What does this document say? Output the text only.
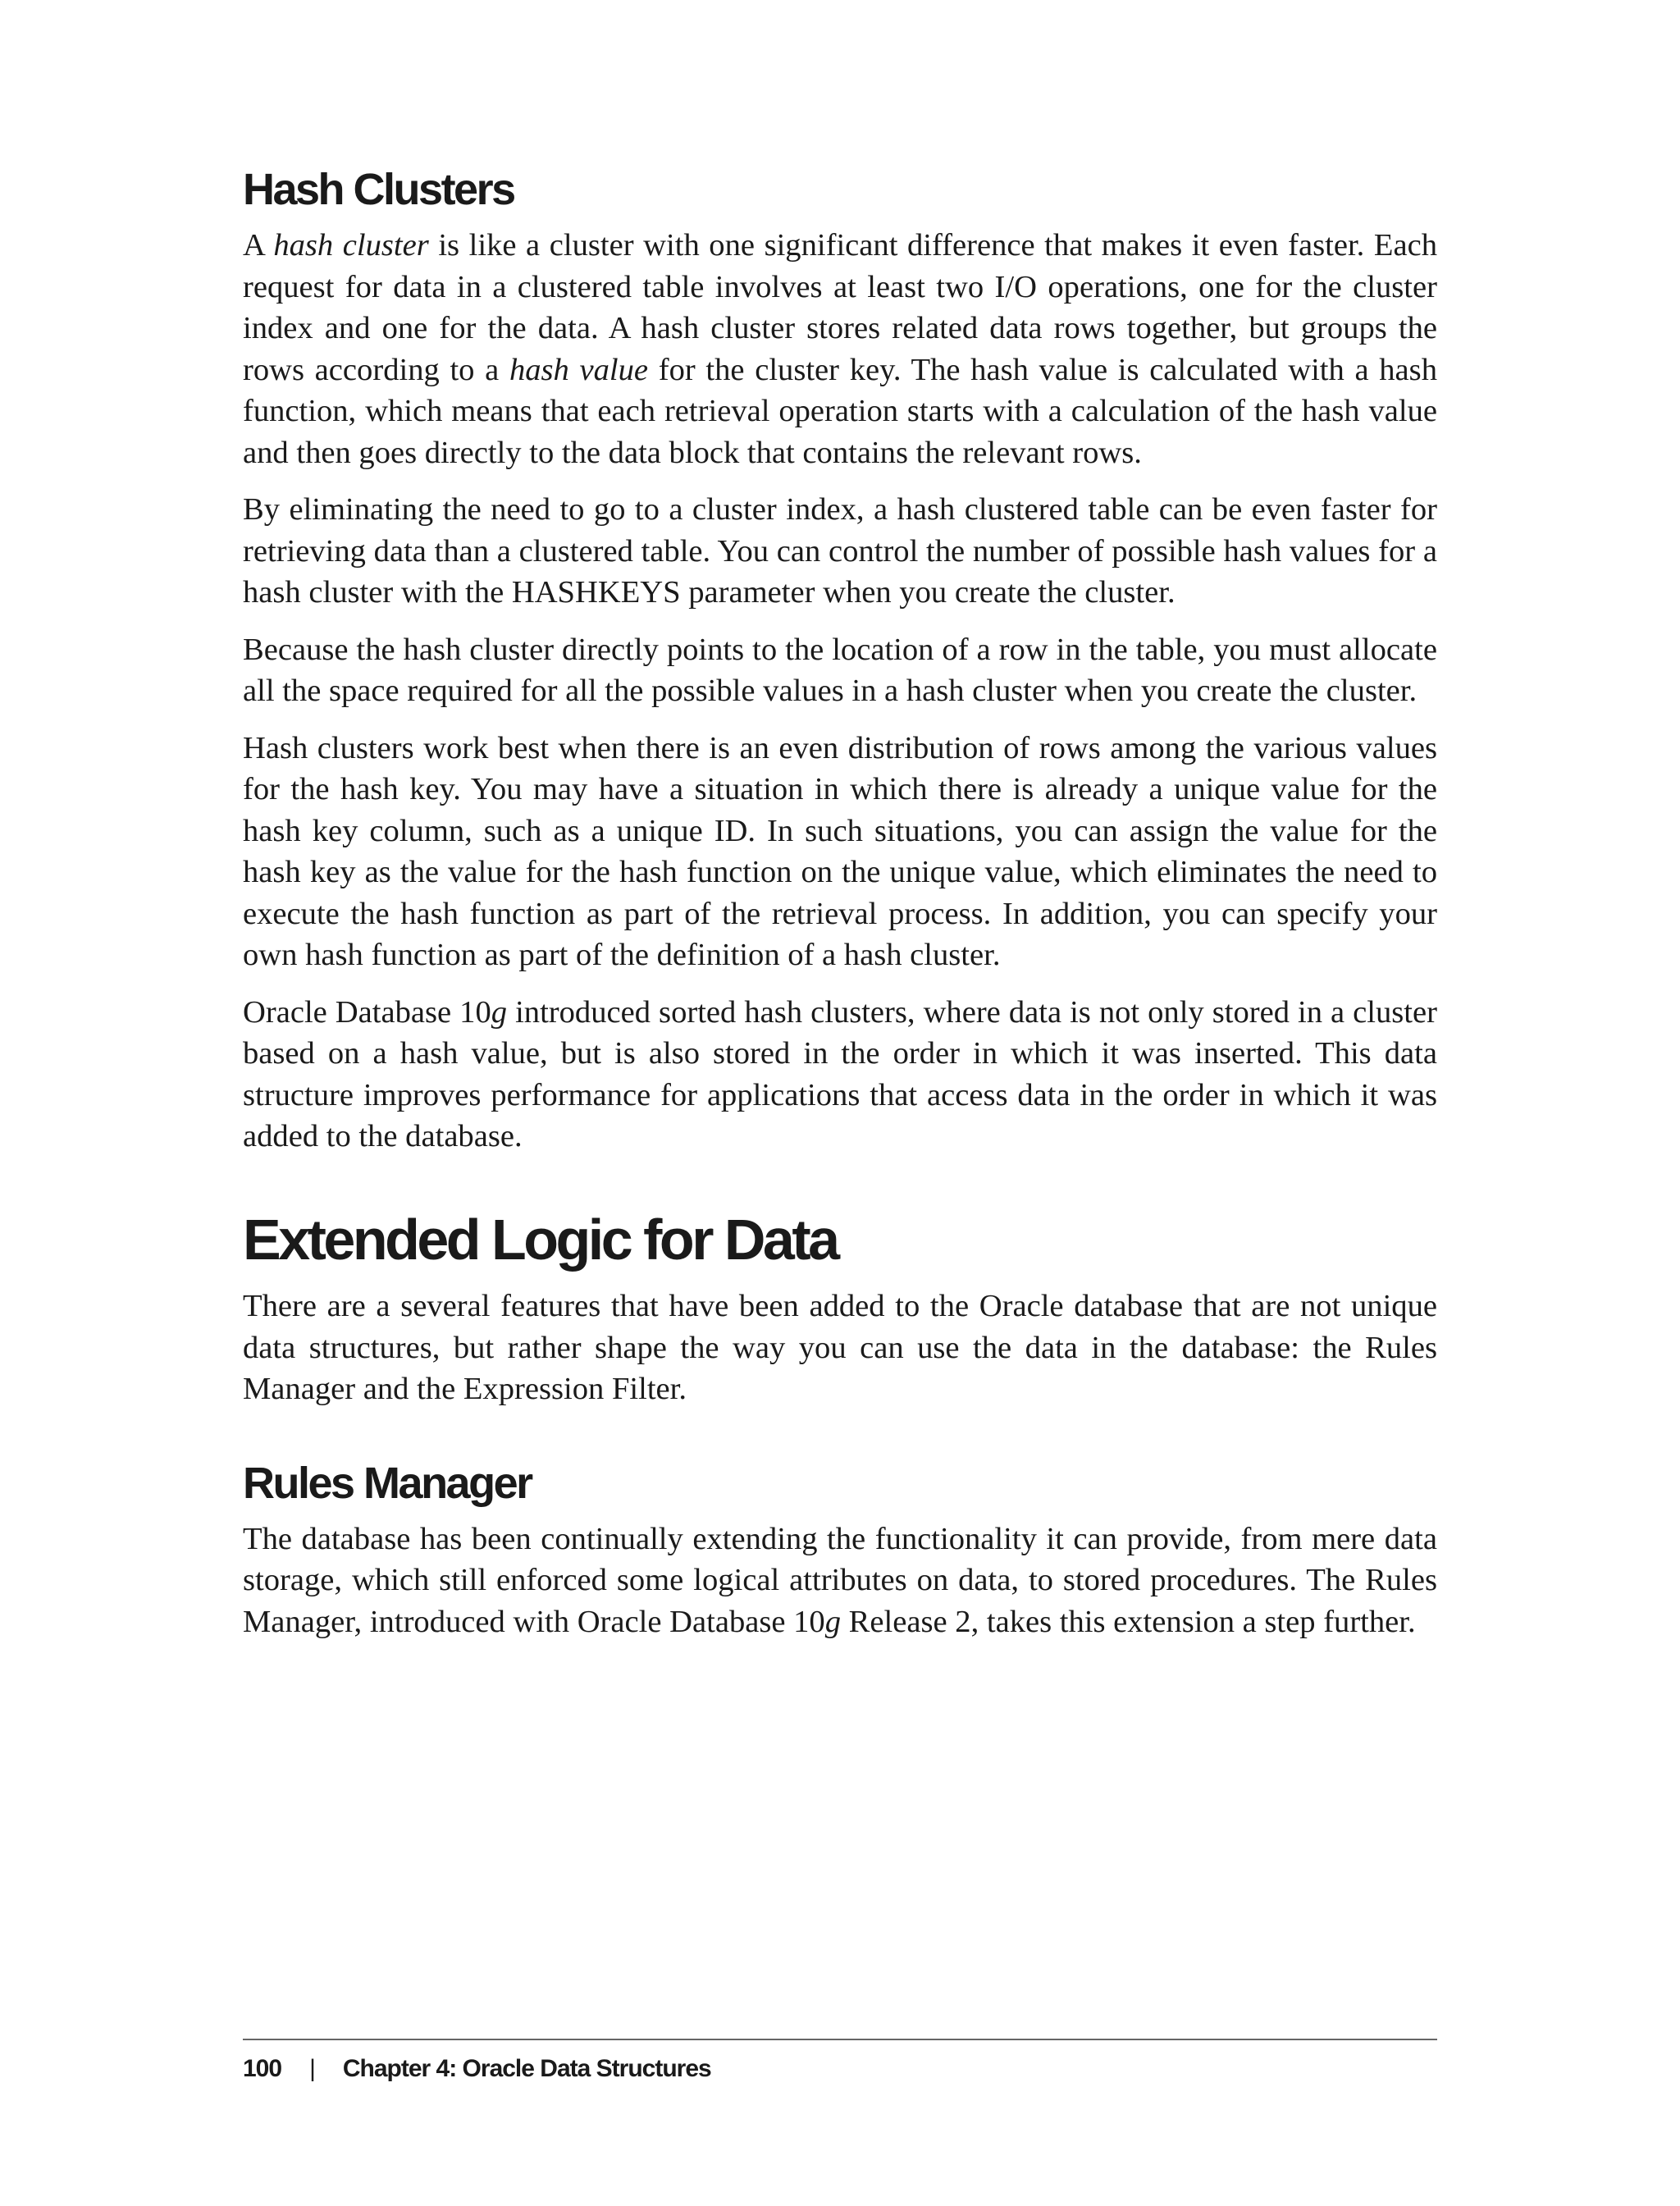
Hash Clusters

A hash cluster is like a cluster with one significant difference that makes it even faster. Each request for data in a clustered table involves at least two I/O operations, one for the cluster index and one for the data. A hash cluster stores related data rows together, but groups the rows according to a hash value for the cluster key. The hash value is calculated with a hash function, which means that each retrieval operation starts with a calculation of the hash value and then goes directly to the data block that contains the relevant rows.

By eliminating the need to go to a cluster index, a hash clustered table can be even faster for retrieving data than a clustered table. You can control the number of possible hash values for a hash cluster with the HASHKEYS parameter when you create the cluster.

Because the hash cluster directly points to the location of a row in the table, you must allocate all the space required for all the possible values in a hash cluster when you create the cluster.

Hash clusters work best when there is an even distribution of rows among the various values for the hash key. You may have a situation in which there is already a unique value for the hash key column, such as a unique ID. In such situations, you can assign the value for the hash key as the value for the hash function on the unique value, which eliminates the need to execute the hash function as part of the retrieval process. In addition, you can specify your own hash function as part of the definition of a hash cluster.

Oracle Database 10g introduced sorted hash clusters, where data is not only stored in a cluster based on a hash value, but is also stored in the order in which it was inserted. This data structure improves performance for applications that access data in the order in which it was added to the database.

Extended Logic for Data

There are a several features that have been added to the Oracle database that are not unique data structures, but rather shape the way you can use the data in the database: the Rules Manager and the Expression Filter.

Rules Manager

The database has been continually extending the functionality it can provide, from mere data storage, which still enforced some logical attributes on data, to stored procedures. The Rules Manager, introduced with Oracle Database 10g Release 2, takes this extension a step further.

100 | Chapter 4: Oracle Data Structures
